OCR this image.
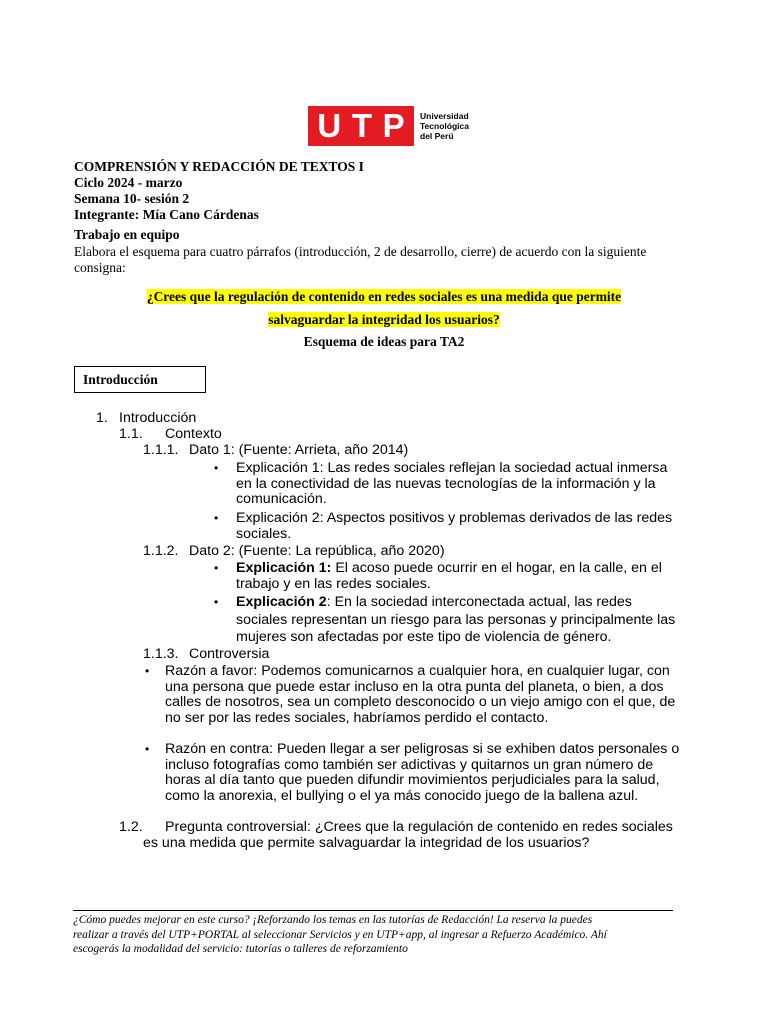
U T P Universidad
Tecnológica
del Perú
COMPRENSIÓN Y REDACCIÓN DE TEXTOS I
Ciclo 2024 - marzo
Semana 10- sesión 2
Integrante: Mía Cano Cárdenas
Trabajo en equipo
Elabora el esquema para cuatro párrafos (introducción, 2 de desarrollo, cierre) de acuerdo con la siguiente
consigna:
¿Crees que la regulación de contenido en redes sociales es una medida que permite
salvaguardar la integridad los usuarios?
Esquema de ideas para TA2
Introducción
1. Introducción
1.1. Contexto
1.1.1. Dato 1: (Fuente: Arrieta, año 2014)
• Explicación 1: Las redes sociales reflejan la sociedad actual inmersa
en la conectividad de las nuevas tecnologías de la información y la
comunicación.
• Explicación 2: Aspectos positivos y problemas derivados de las redes
sociales.
1.1.2. Dato 2: (Fuente: La república, año 2020)
• Explicación 1: El acoso puede ocurrir en el hogar, en la calle, en el
trabajo y en las redes sociales.
• Explicación 2: En la sociedad interconectada actual, las redes
sociales representan un riesgo para las personas y principalmente las
mujeres son afectadas por este tipo de violencia de género.
1.1.3. Controversia
• Razón a favor: Podemos comunicarnos a cualquier hora, en cualquier lugar, con
una persona que puede estar incluso en la otra punta del planeta, o bien, a dos
calles de nosotros, sea un completo desconocido o un viejo amigo con el que, de
no ser por las redes sociales, habríamos perdido el contacto.
• Razón en contra: Pueden llegar a ser peligrosas si se exhiben datos personales o
incluso fotografías como también ser adictivas y quitarnos un gran número de
horas al día tanto que pueden difundir movimientos perjudiciales para la salud,
como la anorexia, el bullying o el ya más conocido juego de la ballena azul.
1.2. Pregunta controversial: ¿Crees que la regulación de contenido en redes sociales
es una medida que permite salvaguardar la integridad de los usuarios?
¿Cómo puedes mejorar en este curso? ¡Reforzando los temas en las tutorías de Redacción! La reserva la puedes
realizar a través del UTP+PORTAL al seleccionar Servicios y en UTP+app, al ingresar a Refuerzo Académico. Ahí
escogerás la modalidad del servicio: tutorías o talleres de reforzamiento
